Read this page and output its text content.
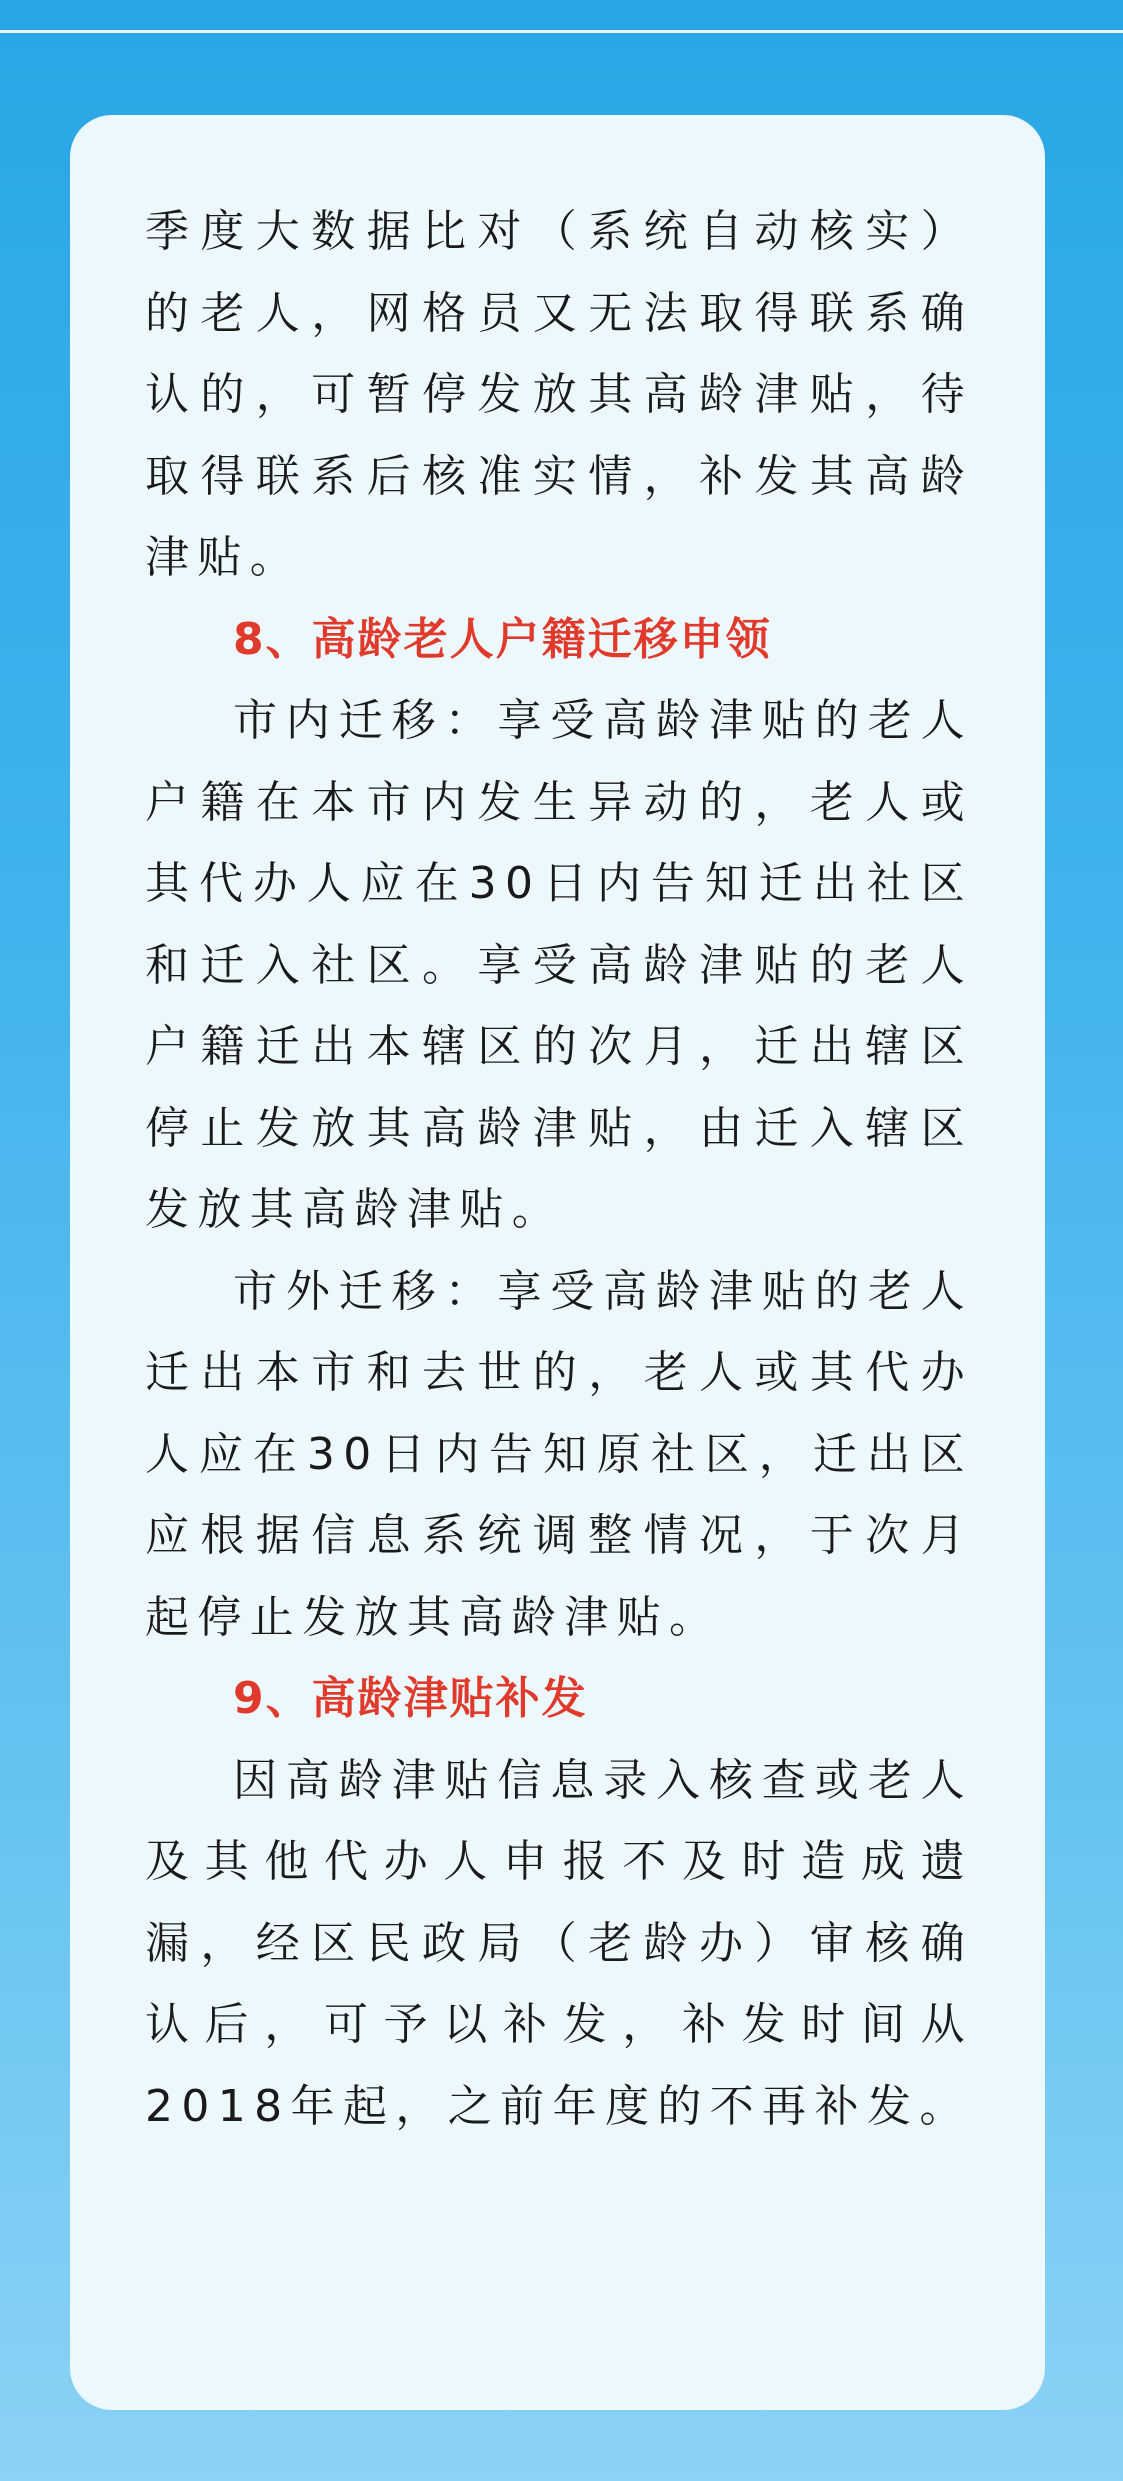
季度大数据比对（系统自动核实）的老人，网格员又无法取得联系确认的，可暂停发放其高龄津贴，待取得联系后核准实情，补发其高龄津贴。

8、高龄老人户籍迁移申领

市内迁移：享受高龄津贴的老人户籍在本市内发生异动的，老人或其代办人应在30日内告知迁出社区和迁入社区。享受高龄津贴的老人户籍迁出本辖区的次月，迁出辖区停止发放其高龄津贴，由迁入辖区发放其高龄津贴。

市外迁移：享受高龄津贴的老人迁出本市和去世的，老人或其代办人应在30日内告知原社区，迁出区应根据信息系统调整情况，于次月起停止发放其高龄津贴。

9、高龄津贴补发

因高龄津贴信息录入核查或老人及其他代办人申报不及时造成遗漏，经区民政局（老龄办）审核确认后，可予以补发，补发时间从2018年起，之前年度的不再补发。
